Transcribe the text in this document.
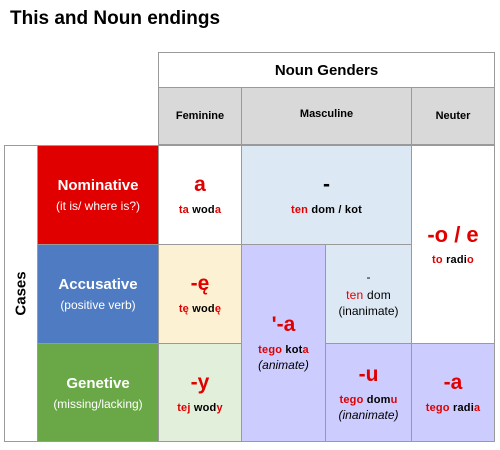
This and Noun endings
Noun Genders
Feminine	Masculine	Neuter
Cases
Nominative
(it is/ where is?)
Accusative
(positive verb)
Genetive
(missing/lacking)
a
ta woda
-
ten dom / kot
-o / e
to radio
-ę
tę wodę
'-a
tego kota
(animate)
-
ten dom
(inanimate)
-y
tej wody
-u
tego domu
(inanimate)
-a
tego radia
